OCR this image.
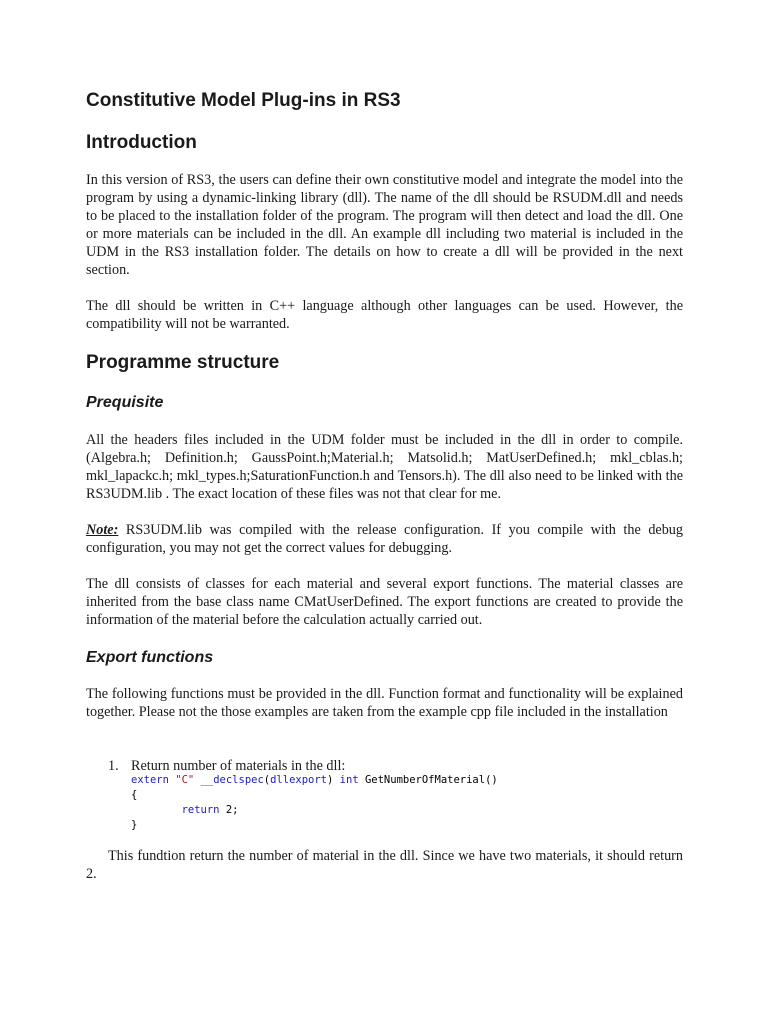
Constitutive Model Plug-ins in RS3
Introduction

In this version of RS3, the users can define their own constitutive model and integrate the model into the program by using a dynamic-linking library (dll). The name of the dll should be RSUDM.dll and needs to be placed to the installation folder of the program. The program will then detect and load the dll. One or more materials can be included in the dll. An example dll including two material is included in the UDM in the RS3 installation folder. The details on how to create a dll will be provided in the next section.

The dll should be written in C++ language although other languages can be used. However, the compatibility will not be warranted.

Programme structure
Prequisite

All the headers files included in the UDM folder must be included in the dll in order to compile. (Algebra.h; Definition.h; GaussPoint.h;Material.h; Matsolid.h; MatUserDefined.h; mkl_cblas.h; mkl_lapackc.h; mkl_types.h;SaturationFunction.h and Tensors.h). The dll also need to be linked with the RS3UDM.lib . The exact location of these files was not that clear for me.

Note: RS3UDM.lib was compiled with the release configuration. If you compile with the debug configuration, you may not get the correct values for debugging.

The dll consists of classes for each material and several export functions. The material classes are inherited from the base class name CMatUserDefined. The export functions are created to provide the information of the material before the calculation actually carried out.

Export functions

The following functions must be provided in the dll. Function format and functionality will be explained together. Please not the those examples are taken from the example cpp file included in the installation

1. Return number of materials in the dll:
extern "C" __declspec(dllexport) int GetNumberOfMaterial()
{
return 2;
}

This fundtion return the number of material in the dll. Since we have two materials, it should return 2.
